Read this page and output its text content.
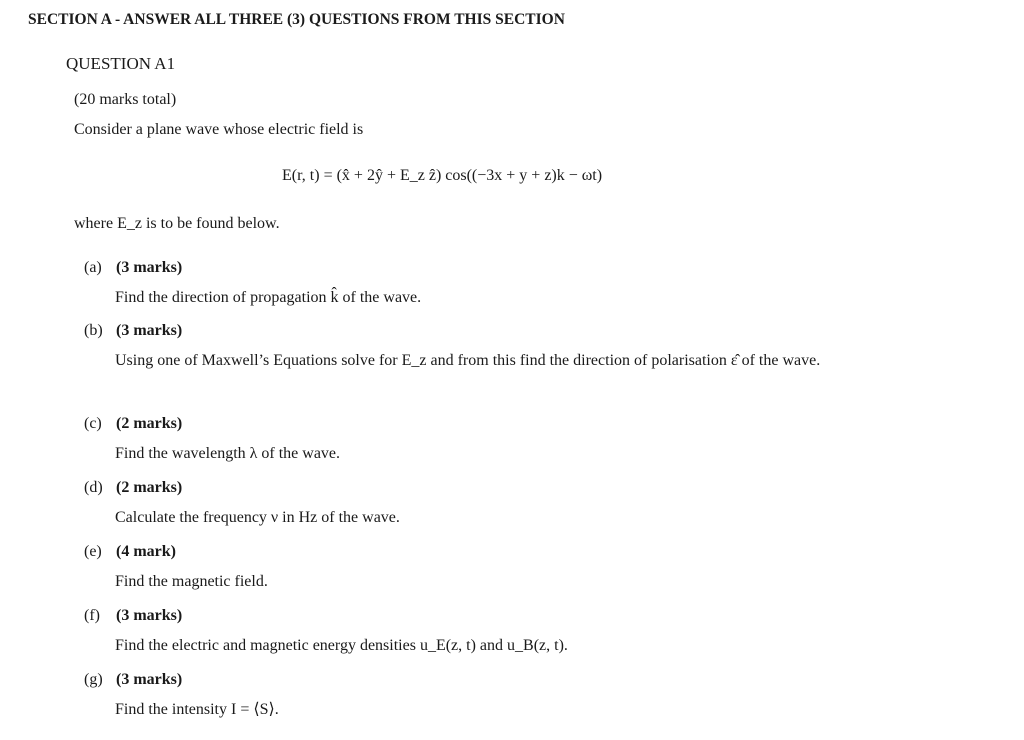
SECTION A - ANSWER ALL THREE (3) QUESTIONS FROM THIS SECTION
QUESTION A1
(20 marks total)
Consider a plane wave whose electric field is
E(r, t) = (x̂ + 2ŷ + E_z ẑ) cos((−3x + y + z)k − ωt)
where E_z is to be found below.
(a) (3 marks)
Find the direction of propagation k̂ of the wave.
(b) (3 marks)
Using one of Maxwell’s Equations solve for E_z and from this find the direction of polarisation ε̂ of the wave.
(c) (2 marks)
Find the wavelength λ of the wave.
(d) (2 marks)
Calculate the frequency ν in Hz of the wave.
(e) (4 mark)
Find the magnetic field.
(f) (3 marks)
Find the electric and magnetic energy densities u_E(z, t) and u_B(z, t).
(g) (3 marks)
Find the intensity I = ⟨S⟩.
